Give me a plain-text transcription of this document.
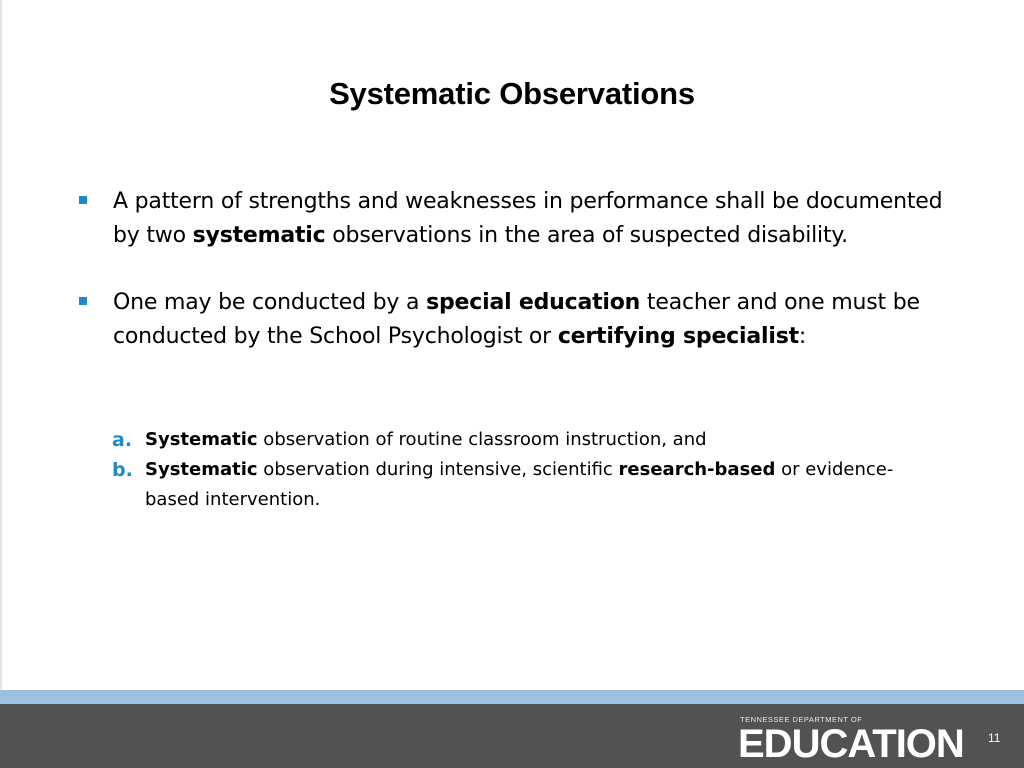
Systematic Observations
A pattern of strengths and weaknesses in performance shall be documented by two systematic observations in the area of suspected disability.
One may be conducted by a special education teacher and one must be conducted by the School Psychologist or certifying specialist:
a. Systematic observation of routine classroom instruction, and
b. Systematic observation during intensive, scientific research-based or evidence-based intervention.
TENNESSEE DEPARTMENT OF
EDUCATION 11
